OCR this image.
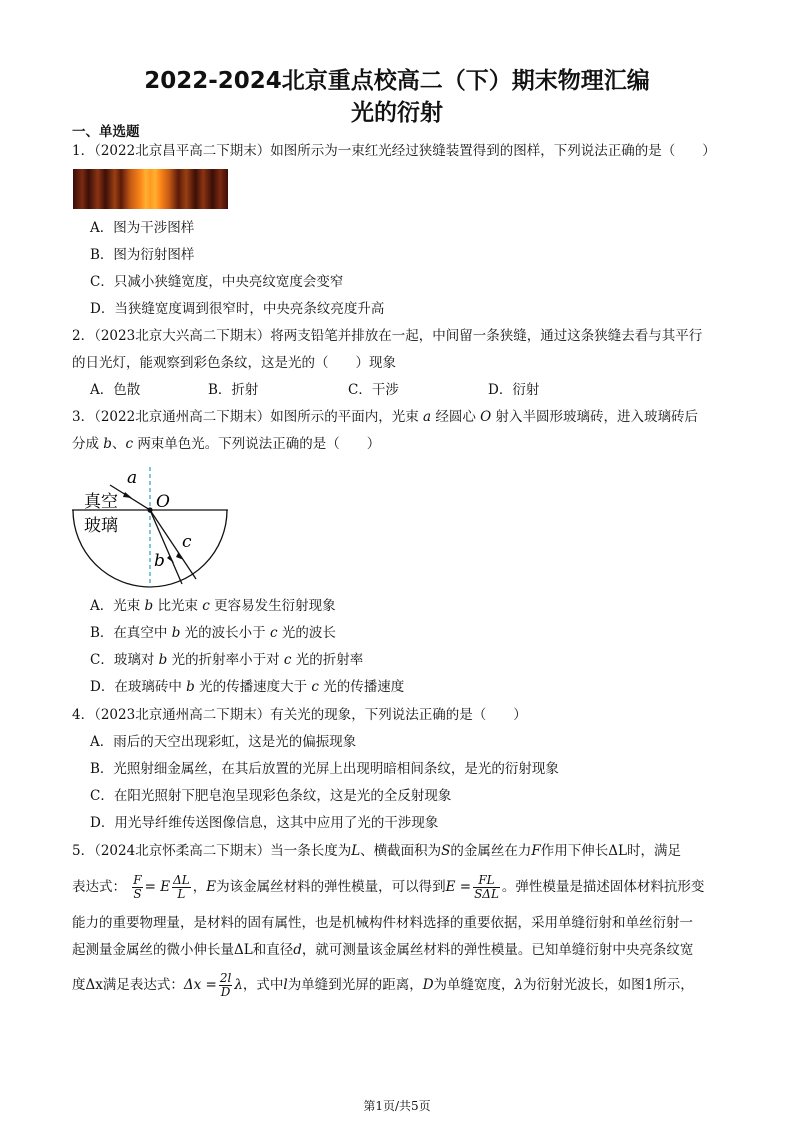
2022-2024北京重点校高二（下）期末物理汇编
光的衍射
一、单选题
1．（2022北京昌平高二下期末）如图所示为一束红光经过狭缝装置得到的图样，下列说法正确的是（　　）
A．图为干涉图样
B．图为衍射图样
C．只减小狭缝宽度，中央亮纹宽度会变窄
D．当狭缝宽度调到很窄时，中央亮条纹亮度升高
2．（2023北京大兴高二下期末）将两支铅笔并排放在一起，中间留一条狭缝，通过这条狭缝去看与其平行
的日光灯，能观察到彩色条纹，这是光的（　　）现象
A．色散	B．折射	C．干涉	D．衍射
3．（2022北京通州高二下期末）如图所示的平面内，光束 a 经圆心 O 射入半圆形玻璃砖，进入玻璃砖后
分成 b、c 两束单色光。下列说法正确的是（　　）
真空
玻璃
a
O
b
c
A．光束 b 比光束 c 更容易发生衍射现象
B．在真空中 b 光的波长小于 c 光的波长
C．玻璃对 b 光的折射率小于对 c 光的折射率
D．在玻璃砖中 b 光的传播速度大于 c 光的传播速度
4．（2023北京通州高二下期末）有关光的现象，下列说法正确的是（　　）
A．雨后的天空出现彩虹，这是光的偏振现象
B．光照射细金属丝，在其后放置的光屏上出现明暗相间条纹，是光的衍射现象
C．在阳光照射下肥皂泡呈现彩色条纹，这是光的全反射现象
D．用光导纤维传送图像信息，这其中应用了光的干涉现象
5．（2024北京怀柔高二下期末）当一条长度为L、横截面积为S的金属丝在力F作用下伸长ΔL时，满足
表达式： $\frac{F}{S} = E \frac{\Delta L}{L}$ ，E为该金属丝材料的弹性模量，可以得到$E = \frac{FL}{\text{SΔL}}$ 。弹性模量是描述固体材料抗形变
能力的重要物理量，是材料的固有属性，也是机械构件材料选择的重要依据，采用单缝衍射和单丝衍射一
起测量金属丝的微小伸长量ΔL和直径d，就可测量该金属丝材料的弹性模量。已知单缝衍射中央亮条纹宽
度Δx满足表达式：$\Delta x = \frac{2l}{D}$ λ，式中l为单缝到光屏的距离，D为单缝宽度，λ为衍射光波长，如图1所示，
第1页/共5页
